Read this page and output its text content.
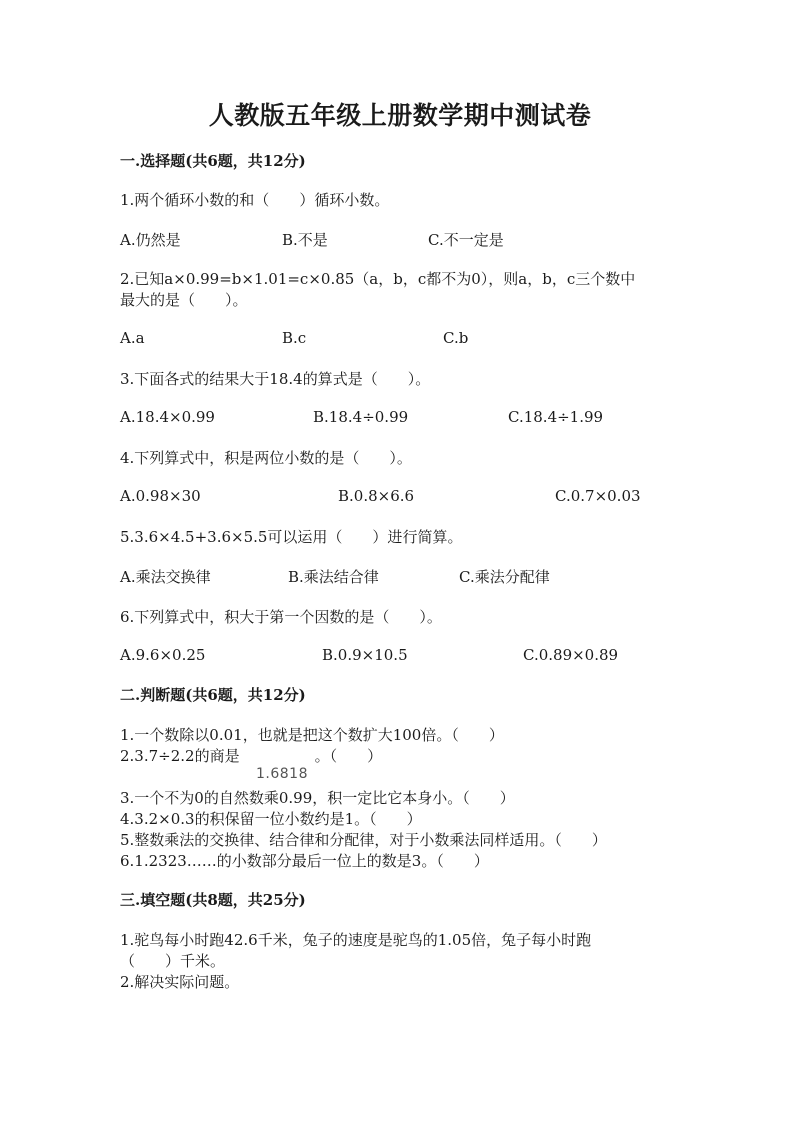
人教版五年级上册数学期中测试卷
一.选择题(共6题，共12分)
1.两个循环小数的和（　　）循环小数。
A.仍然是	B.不是	C.不一定是
2.已知a×0.99=b×1.01=c×0.85（a，b，c都不为0），则a，b，c三个数中
最大的是（　　）。
A.a	B.c	C.b
3.下面各式的结果大于18.4的算式是（　　）。
A.18.4×0.99	B.18.4÷0.99	C.18.4÷1.99
4.下列算式中，积是两位小数的是（　　）。
A.0.98×30	B.0.8×6.6	C.0.7×0.03
5.3.6×4.5+3.6×5.5可以运用（　　）进行简算。
A.乘法交换律	B.乘法结合律	C.乘法分配律
6.下列算式中，积大于第一个因数的是（　　）。
A.9.6×0.25	B.0.9×10.5	C.0.89×0.89
二.判断题(共6题，共12分)
1.一个数除以0.01，也就是把这个数扩大100倍。（　　）
2.3.7÷2.2的商是　　　　　。（　　）
1.6818
3.一个不为0的自然数乘0.99，积一定比它本身小。（　　）
4.3.2×0.3的积保留一位小数约是1。（　　）
5.整数乘法的交换律、结合律和分配律，对于小数乘法同样适用。（　　）
6.1.2323……的小数部分最后一位上的数是3。（　　）
三.填空题(共8题，共25分)
1.驼鸟每小时跑42.6千米，兔子的速度是驼鸟的1.05倍，兔子每小时跑
（　　）千米。
2.解决实际问题。
